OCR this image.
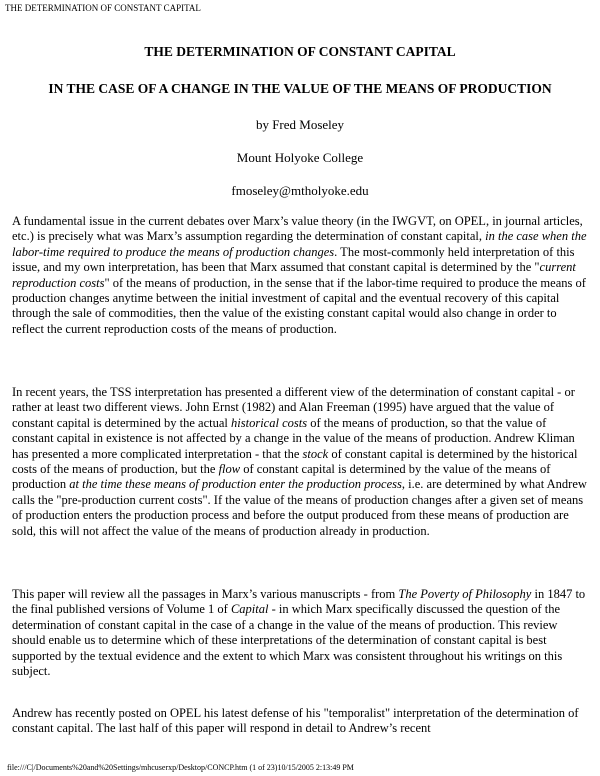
THE DETERMINATION OF CONSTANT CAPITAL
THE DETERMINATION OF CONSTANT CAPITAL
IN THE CASE OF A CHANGE IN THE VALUE OF THE MEANS OF PRODUCTION
by Fred Moseley
Mount Holyoke College
fmoseley@mtholyoke.edu

A fundamental issue in the current debates over Marx’s value theory (in the IWGVT, on OPEL, in journal articles, etc.) is precisely what was Marx’s assumption regarding the determination of constant capital, in the case when the labor-time required to produce the means of production changes. The most-commonly held interpretation of this issue, and my own interpretation, has been that Marx assumed that constant capital is determined by the "current reproduction costs" of the means of production, in the sense that if the labor-time required to produce the means of production changes anytime between the initial investment of capital and the eventual recovery of this capital through the sale of commodities, then the value of the existing constant capital would also change in order to reflect the current reproduction costs of the means of production.

In recent years, the TSS interpretation has presented a different view of the determination of constant capital - or rather at least two different views. John Ernst (1982) and Alan Freeman (1995) have argued that the value of constant capital is determined by the actual historical costs of the means of production, so that the value of constant capital in existence is not affected by a change in the value of the means of production. Andrew Kliman has presented a more complicated interpretation - that the stock of constant capital is determined by the historical costs of the means of production, but the flow of constant capital is determined by the value of the means of production at the time these means of production enter the production process, i.e. are determined by what Andrew calls the "pre-production current costs". If the value of the means of production changes after a given set of means of production enters the production process and before the output produced from these means of production are sold, this will not affect the value of the means of production already in production.

This paper will review all the passages in Marx’s various manuscripts - from The Poverty of Philosophy in 1847 to the final published versions of Volume 1 of Capital - in which Marx specifically discussed the question of the determination of constant capital in the case of a change in the value of the means of production. This review should enable us to determine which of these interpretations of the determination of constant capital is best supported by the textual evidence and the extent to which Marx was consistent throughout his writings on this subject.

Andrew has recently posted on OPEL his latest defense of his "temporalist" interpretation of the determination of constant capital. The last half of this paper will respond in detail to Andrew’s recent

file:///C|/Documents%20and%20Settings/mhcuserxp/Desktop/CONCP.htm (1 of 23)10/15/2005 2:13:49 PM
